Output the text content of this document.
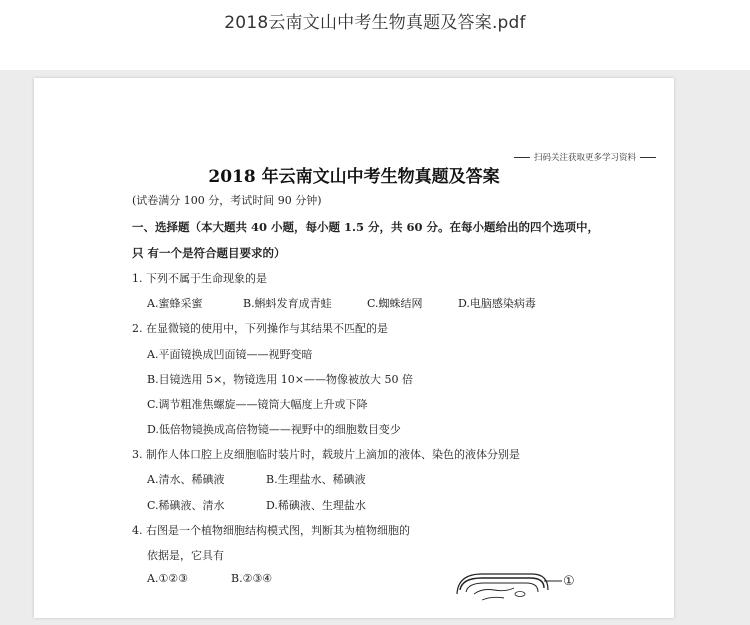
2018云南文山中考生物真题及答案.pdf
扫码关注获取更多学习资料
2018 年云南文山中考生物真题及答案
(试卷满分 100 分，考试时间 90 分钟)
一、选择题（本大题共 40 小题，每小题 1.5 分，共 60 分。在每小题给出的四个选项中，
只 有一个是符合题目要求的）
1. 下列不属于生命现象的是
A.蜜蜂采蜜	B.蝌蚪发育成青蛙	C.蜘蛛结网	D.电脑感染病毒
2. 在显微镜的使用中，下列操作与其结果不匹配的是
A.平面镜换成凹面镜——视野变暗
B.目镜选用 5×，物镜选用 10×——物像被放大 50 倍
C.调节粗准焦螺旋——镜筒大幅度上升或下降
D.低倍物镜换成高倍物镜——视野中的细胞数目变少
3. 制作人体口腔上皮细胞临时装片时，载玻片上滴加的液体、染色的液体分别是
A.清水、稀碘液	B.生理盐水、稀碘液
C.稀碘液、清水	D.稀碘液、生理盐水
4. 右图是一个植物细胞结构模式图，判断其为植物细胞的
依据是，它具有
A.①②③	B.②③④	①
